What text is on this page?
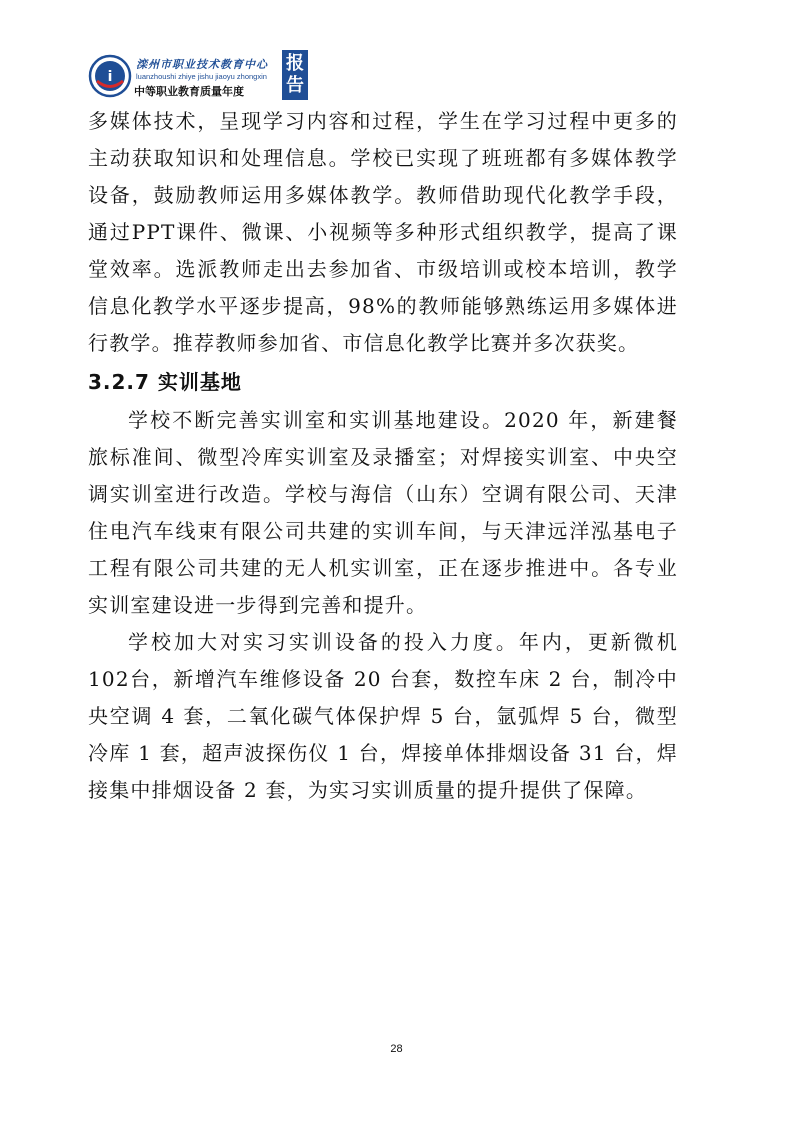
i
滦州市职业技术教育中心
luanzhoushi zhiye jishu jiaoyu zhongxin
中等职业教育质量年度
报
告

多媒体技术，呈现学习内容和过程，学生在学习过程中更多的主动获取知识和处理信息。学校已实现了班班都有多媒体教学设备，鼓励教师运用多媒体教学。教师借助现代化教学手段，通过PPT课件、微课、小视频等多种形式组织教学，提高了课堂效率。选派教师走出去参加省、市级培训或校本培训，教学信息化教学水平逐步提高，98%的教师能够熟练运用多媒体进行教学。推荐教师参加省、市信息化教学比赛并多次获奖。

3.2.7 实训基地

学校不断完善实训室和实训基地建设。2020 年，新建餐旅标准间、微型冷库实训室及录播室；对焊接实训室、中央空调实训室进行改造。学校与海信（山东）空调有限公司、天津住电汽车线束有限公司共建的实训车间，与天津远洋泓基电子工程有限公司共建的无人机实训室，正在逐步推进中。各专业实训室建设进一步得到完善和提升。

学校加大对实习实训设备的投入力度。年内，更新微机 102台，新增汽车维修设备 20 台套，数控车床 2 台，制冷中央空调 4 套，二氧化碳气体保护焊 5 台，氩弧焊 5 台，微型冷库 1 套，超声波探伤仪 1 台，焊接单体排烟设备 31 台，焊接集中排烟设备 2 套，为实习实训质量的提升提供了保障。

28
